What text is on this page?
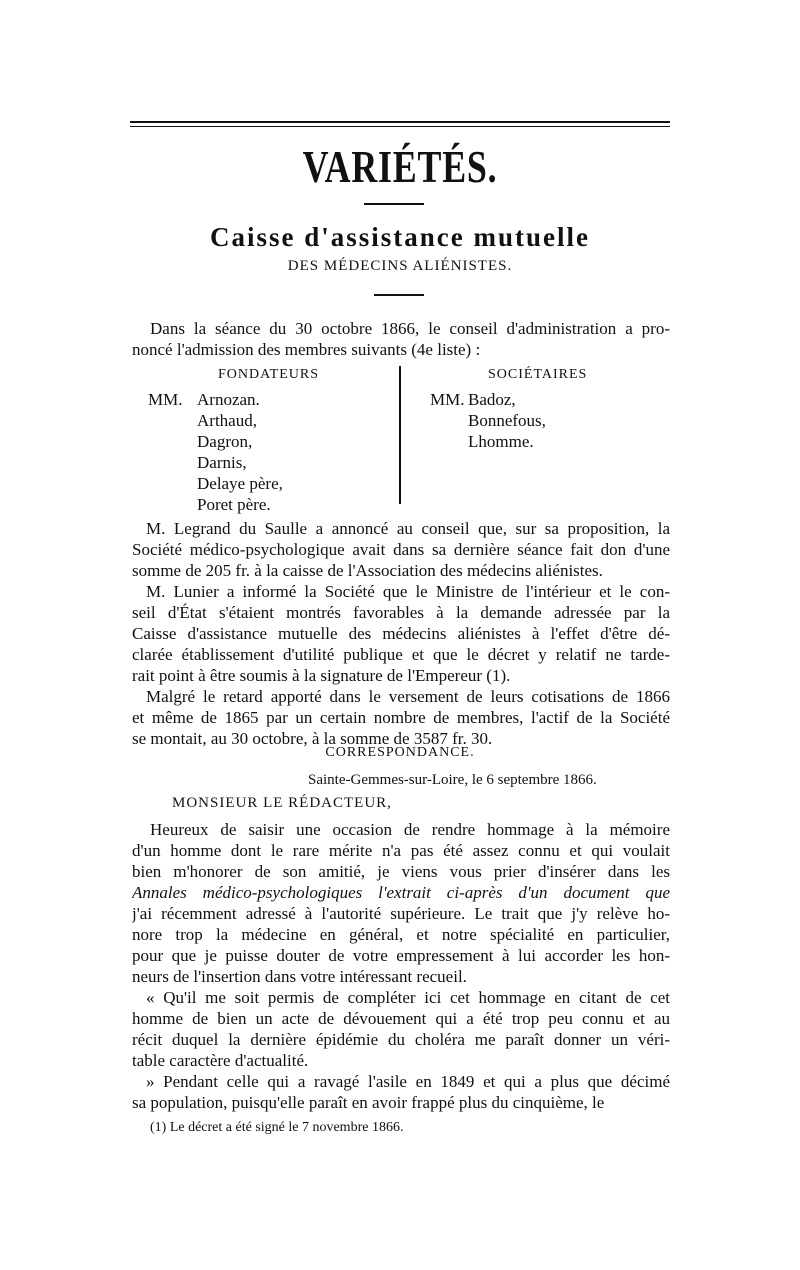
VARIÉTÉS.
Caisse d'assistance mutuelle
DES MÉDECINS ALIÉNISTES.
Dans la séance du 30 octobre 1866, le conseil d'administration a pro-
noncé l'admission des membres suivants (4e liste) :
FONDATEURS	SOCIÉTAIRES
MM. Arnozan.
Arthaud,
Dagron,
Darnis,
Delaye père,
Poret père.
MM. Badoz,
Bonnefous,
Lhomme.
M. Legrand du Saulle a annoncé au conseil que, sur sa proposition, la
Société médico-psychologique avait dans sa dernière séance fait don d'une
somme de 205 fr. à la caisse de l'Association des médecins aliénistes.
M. Lunier a informé la Société que le Ministre de l'intérieur et le con-
seil d'État s'étaient montrés favorables à la demande adressée par la
Caisse d'assistance mutuelle des médecins aliénistes à l'effet d'être dé-
clarée établissement d'utilité publique et que le décret y relatif ne tarde-
rait point à être soumis à la signature de l'Empereur (1).
Malgré le retard apporté dans le versement de leurs cotisations de 1866
et même de 1865 par un certain nombre de membres, l'actif de la Société
se montait, au 30 octobre, à la somme de 3587 fr. 30.
CORRESPONDANCE.
Sainte-Gemmes-sur-Loire, le 6 septembre 1866.
MONSIEUR LE RÉDACTEUR,
Heureux de saisir une occasion de rendre hommage à la mémoire
d'un homme dont le rare mérite n'a pas été assez connu et qui voulait
bien m'honorer de son amitié, je viens vous prier d'insérer dans les
Annales médico-psychologiques l'extrait ci-après d'un document que
j'ai récemment adressé à l'autorité supérieure. Le trait que j'y relève ho-
nore trop la médecine en général, et notre spécialité en particulier,
pour que je puisse douter de votre empressement à lui accorder les hon-
neurs de l'insertion dans votre intéressant recueil.
« Qu'il me soit permis de compléter ici cet hommage en citant de cet
homme de bien un acte de dévouement qui a été trop peu connu et au
récit duquel la dernière épidémie du choléra me paraît donner un véri-
table caractère d'actualité.
» Pendant celle qui a ravagé l'asile en 1849 et qui a plus que décimé
sa population, puisqu'elle paraît en avoir frappé plus du cinquième, le
(1) Le décret a été signé le 7 novembre 1866.
